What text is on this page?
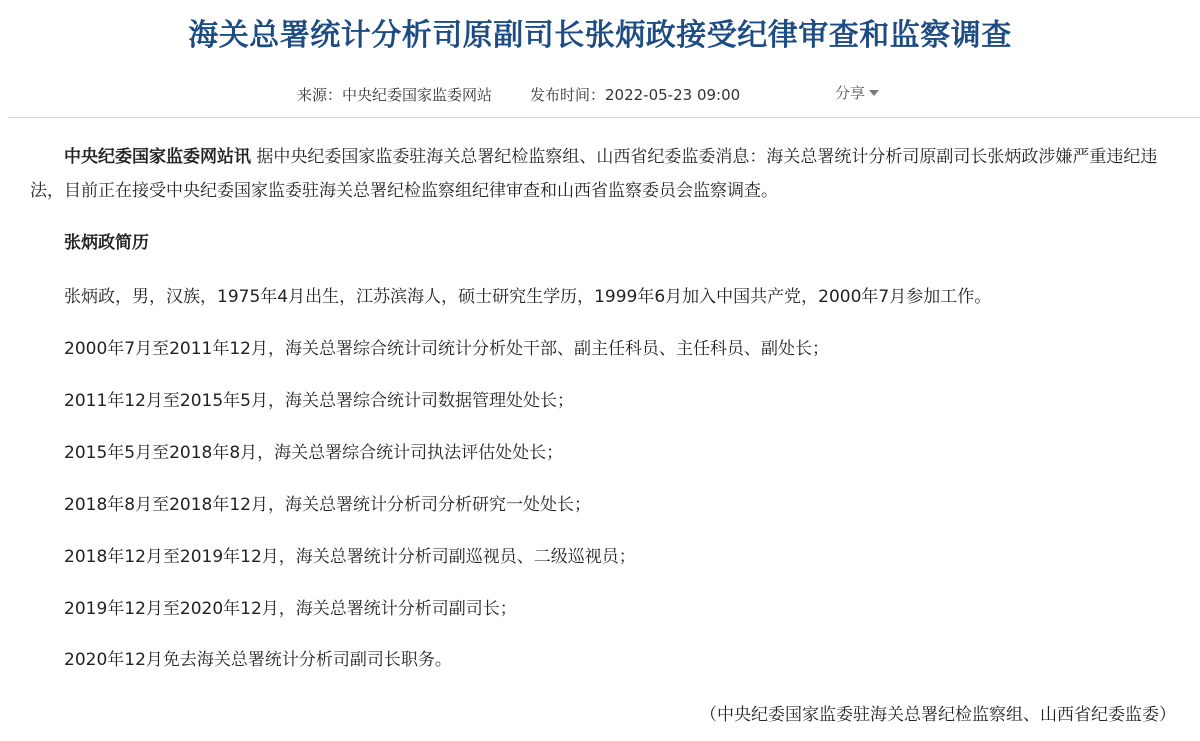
海关总署统计分析司原副司长张炳政接受纪律审查和监察调查
来源：中央纪委国家监委网站	发布时间：2022-05-23 09:00	分享

中央纪委国家监委网站讯 据中央纪委国家监委驻海关总署纪检监察组、山西省纪委监委消息：海关总署统计分析司原副司长张炳政涉嫌严重违纪违法，目前正在接受中央纪委国家监委驻海关总署纪检监察组纪律审查和山西省监察委员会监察调查。

张炳政简历

张炳政，男，汉族，1975年4月出生，江苏滨海人，硕士研究生学历，1999年6月加入中国共产党，2000年7月参加工作。

2000年7月至2011年12月，海关总署综合统计司统计分析处干部、副主任科员、主任科员、副处长；

2011年12月至2015年5月，海关总署综合统计司数据管理处处长；

2015年5月至2018年8月，海关总署综合统计司执法评估处处长；

2018年8月至2018年12月，海关总署统计分析司分析研究一处处长；

2018年12月至2019年12月，海关总署统计分析司副巡视员、二级巡视员；

2019年12月至2020年12月，海关总署统计分析司副司长；

2020年12月免去海关总署统计分析司副司长职务。

（中央纪委国家监委驻海关总署纪检监察组、山西省纪委监委）
